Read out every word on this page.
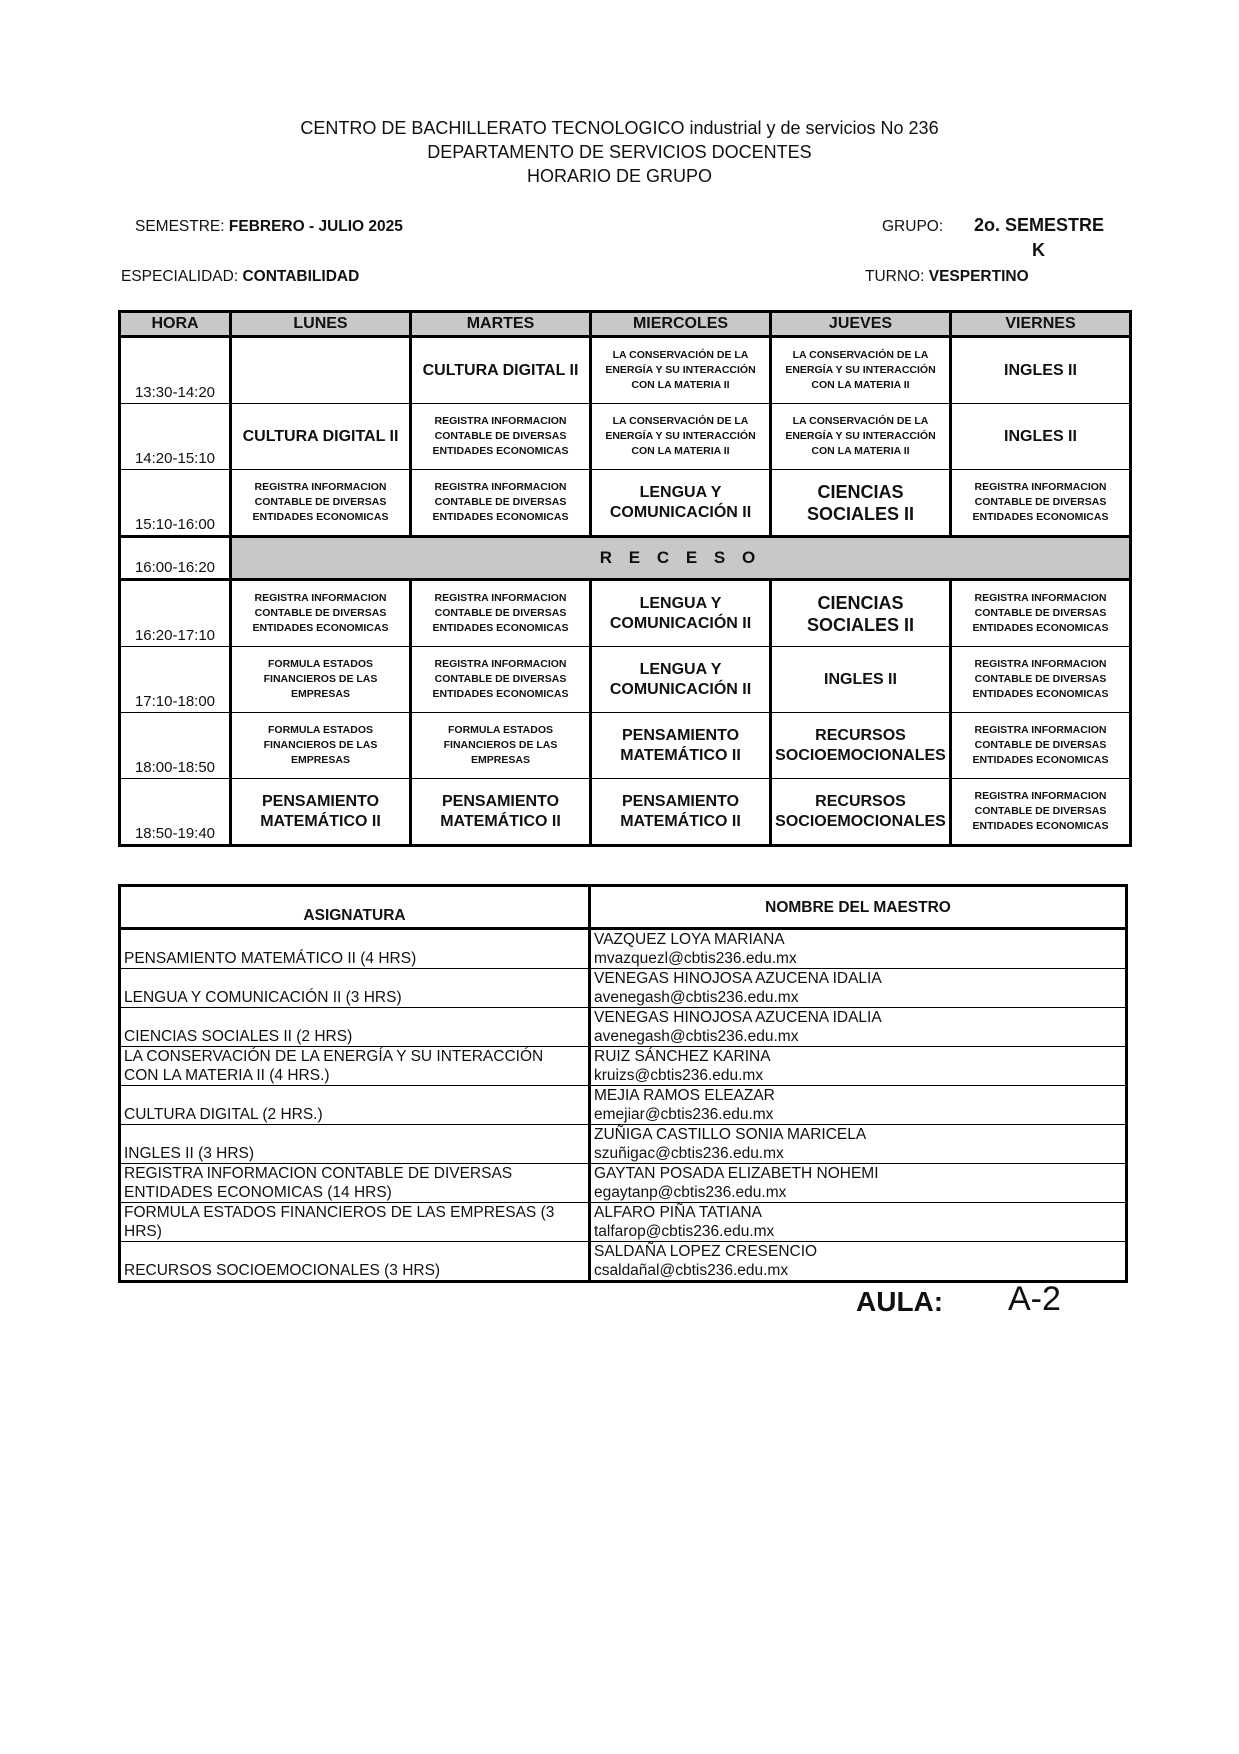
CENTRO DE BACHILLERATO TECNOLOGICO industrial y de servicios No 236
DEPARTAMENTO DE SERVICIOS DOCENTES
HORARIO DE GRUPO
SEMESTRE: FEBRERO - JULIO 2025	GRUPO: 2o. SEMESTRE
K
ESPECIALIDAD: CONTABILIDAD	TURNO: VESPERTINO
HORA	LUNES	MARTES	MIERCOLES	JUEVES	VIERNES
13:30-14:20		CULTURA DIGITAL II	LA CONSERVACIÓN DE LA ENERGÍA Y SU INTERACCIÓN CON LA MATERIA II	LA CONSERVACIÓN DE LA ENERGÍA Y SU INTERACCIÓN CON LA MATERIA II	INGLES II
14:20-15:10	CULTURA DIGITAL II	REGISTRA INFORMACION CONTABLE DE DIVERSAS ENTIDADES ECONOMICAS	LA CONSERVACIÓN DE LA ENERGÍA Y SU INTERACCIÓN CON LA MATERIA II	LA CONSERVACIÓN DE LA ENERGÍA Y SU INTERACCIÓN CON LA MATERIA II	INGLES II
15:10-16:00	REGISTRA INFORMACION CONTABLE DE DIVERSAS ENTIDADES ECONOMICAS	REGISTRA INFORMACION CONTABLE DE DIVERSAS ENTIDADES ECONOMICAS	LENGUA Y COMUNICACIÓN II	CIENCIAS SOCIALES II	REGISTRA INFORMACION CONTABLE DE DIVERSAS ENTIDADES ECONOMICAS
16:00-16:20	R E C E S O				
16:20-17:10	REGISTRA INFORMACION CONTABLE DE DIVERSAS ENTIDADES ECONOMICAS	REGISTRA INFORMACION CONTABLE DE DIVERSAS ENTIDADES ECONOMICAS	LENGUA Y COMUNICACIÓN II	CIENCIAS SOCIALES II	REGISTRA INFORMACION CONTABLE DE DIVERSAS ENTIDADES ECONOMICAS
17:10-18:00	FORMULA ESTADOS FINANCIEROS DE LAS EMPRESAS	REGISTRA INFORMACION CONTABLE DE DIVERSAS ENTIDADES ECONOMICAS	LENGUA Y COMUNICACIÓN II	INGLES II	REGISTRA INFORMACION CONTABLE DE DIVERSAS ENTIDADES ECONOMICAS
18:00-18:50	FORMULA ESTADOS FINANCIEROS DE LAS EMPRESAS	FORMULA ESTADOS FINANCIEROS DE LAS EMPRESAS	PENSAMIENTO MATEMÁTICO II	RECURSOS SOCIOEMOCIONALES	REGISTRA INFORMACION CONTABLE DE DIVERSAS ENTIDADES ECONOMICAS
18:50-19:40	PENSAMIENTO MATEMÁTICO II	PENSAMIENTO MATEMÁTICO II	PENSAMIENTO MATEMÁTICO II	RECURSOS SOCIOEMOCIONALES	REGISTRA INFORMACION CONTABLE DE DIVERSAS ENTIDADES ECONOMICAS
ASIGNATURA	NOMBRE DEL MAESTRO

PENSAMIENTO MATEMÁTICO II (4 HRS)	VAZQUEZ LOYA MARIANA
mvazquezl@cbtis236.edu.mx

LENGUA Y COMUNICACIÓN II (3 HRS)	VENEGAS HINOJOSA AZUCENA IDALIA
avenegash@cbtis236.edu.mx

CIENCIAS SOCIALES II (2 HRS)	VENEGAS HINOJOSA AZUCENA IDALIA
avenegash@cbtis236.edu.mx

LA CONSERVACIÓN DE LA ENERGÍA Y SU INTERACCIÓN
CON LA MATERIA II (4 HRS.)	RUIZ SÁNCHEZ KARINA
kruizs@cbtis236.edu.mx

CULTURA DIGITAL (2 HRS.)	MEJIA RAMOS ELEAZAR
emejiar@cbtis236.edu.mx

INGLES II (3 HRS)	ZUÑIGA CASTILLO SONIA MARICELA
szuñigac@cbtis236.edu.mx

REGISTRA INFORMACION CONTABLE DE DIVERSAS
ENTIDADES ECONOMICAS (14 HRS)	GAYTAN POSADA ELIZABETH NOHEMI
egaytanp@cbtis236.edu.mx

FORMULA ESTADOS FINANCIEROS DE LAS EMPRESAS (3
HRS)	ALFARO PIÑA TATIANA
talfarop@cbtis236.edu.mx

RECURSOS SOCIOEMOCIONALES (3 HRS)	SALDAÑA LOPEZ CRESENCIO
csaldañal@cbtis236.edu.mx
AULA: A-2
